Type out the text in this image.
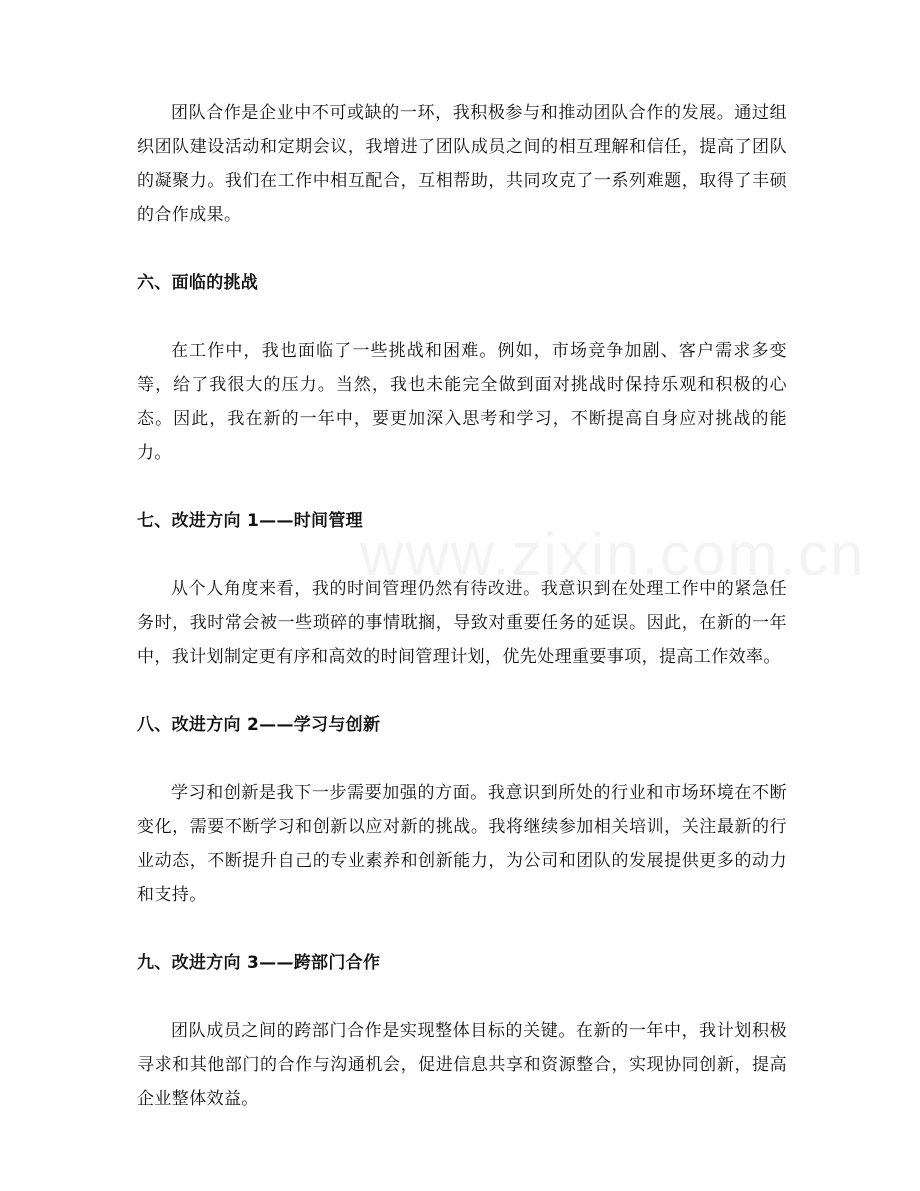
团队合作是企业中不可或缺的一环，我积极参与和推动团队合作的发展。通过组织团队建设活动和定期会议，我增进了团队成员之间的相互理解和信任，提高了团队的凝聚力。我们在工作中相互配合，互相帮助，共同攻克了一系列难题，取得了丰硕的合作成果。

六、面临的挑战

在工作中，我也面临了一些挑战和困难。例如，市场竞争加剧、客户需求多变等，给了我很大的压力。当然，我也未能完全做到面对挑战时保持乐观和积极的心态。因此，我在新的一年中，要更加深入思考和学习，不断提高自身应对挑战的能力。

七、改进方向 1——时间管理

从个人角度来看，我的时间管理仍然有待改进。我意识到在处理工作中的紧急任务时，我时常会被一些琐碎的事情耽搁，导致对重要任务的延误。因此，在新的一年中，我计划制定更有序和高效的时间管理计划，优先处理重要事项，提高工作效率。

八、改进方向 2——学习与创新

学习和创新是我下一步需要加强的方面。我意识到所处的行业和市场环境在不断变化，需要不断学习和创新以应对新的挑战。我将继续参加相关培训，关注最新的行业动态，不断提升自己的专业素养和创新能力，为公司和团队的发展提供更多的动力和支持。

九、改进方向 3——跨部门合作

团队成员之间的跨部门合作是实现整体目标的关键。在新的一年中，我计划积极寻求和其他部门的合作与沟通机会，促进信息共享和资源整合，实现协同创新，提高企业整体效益。
